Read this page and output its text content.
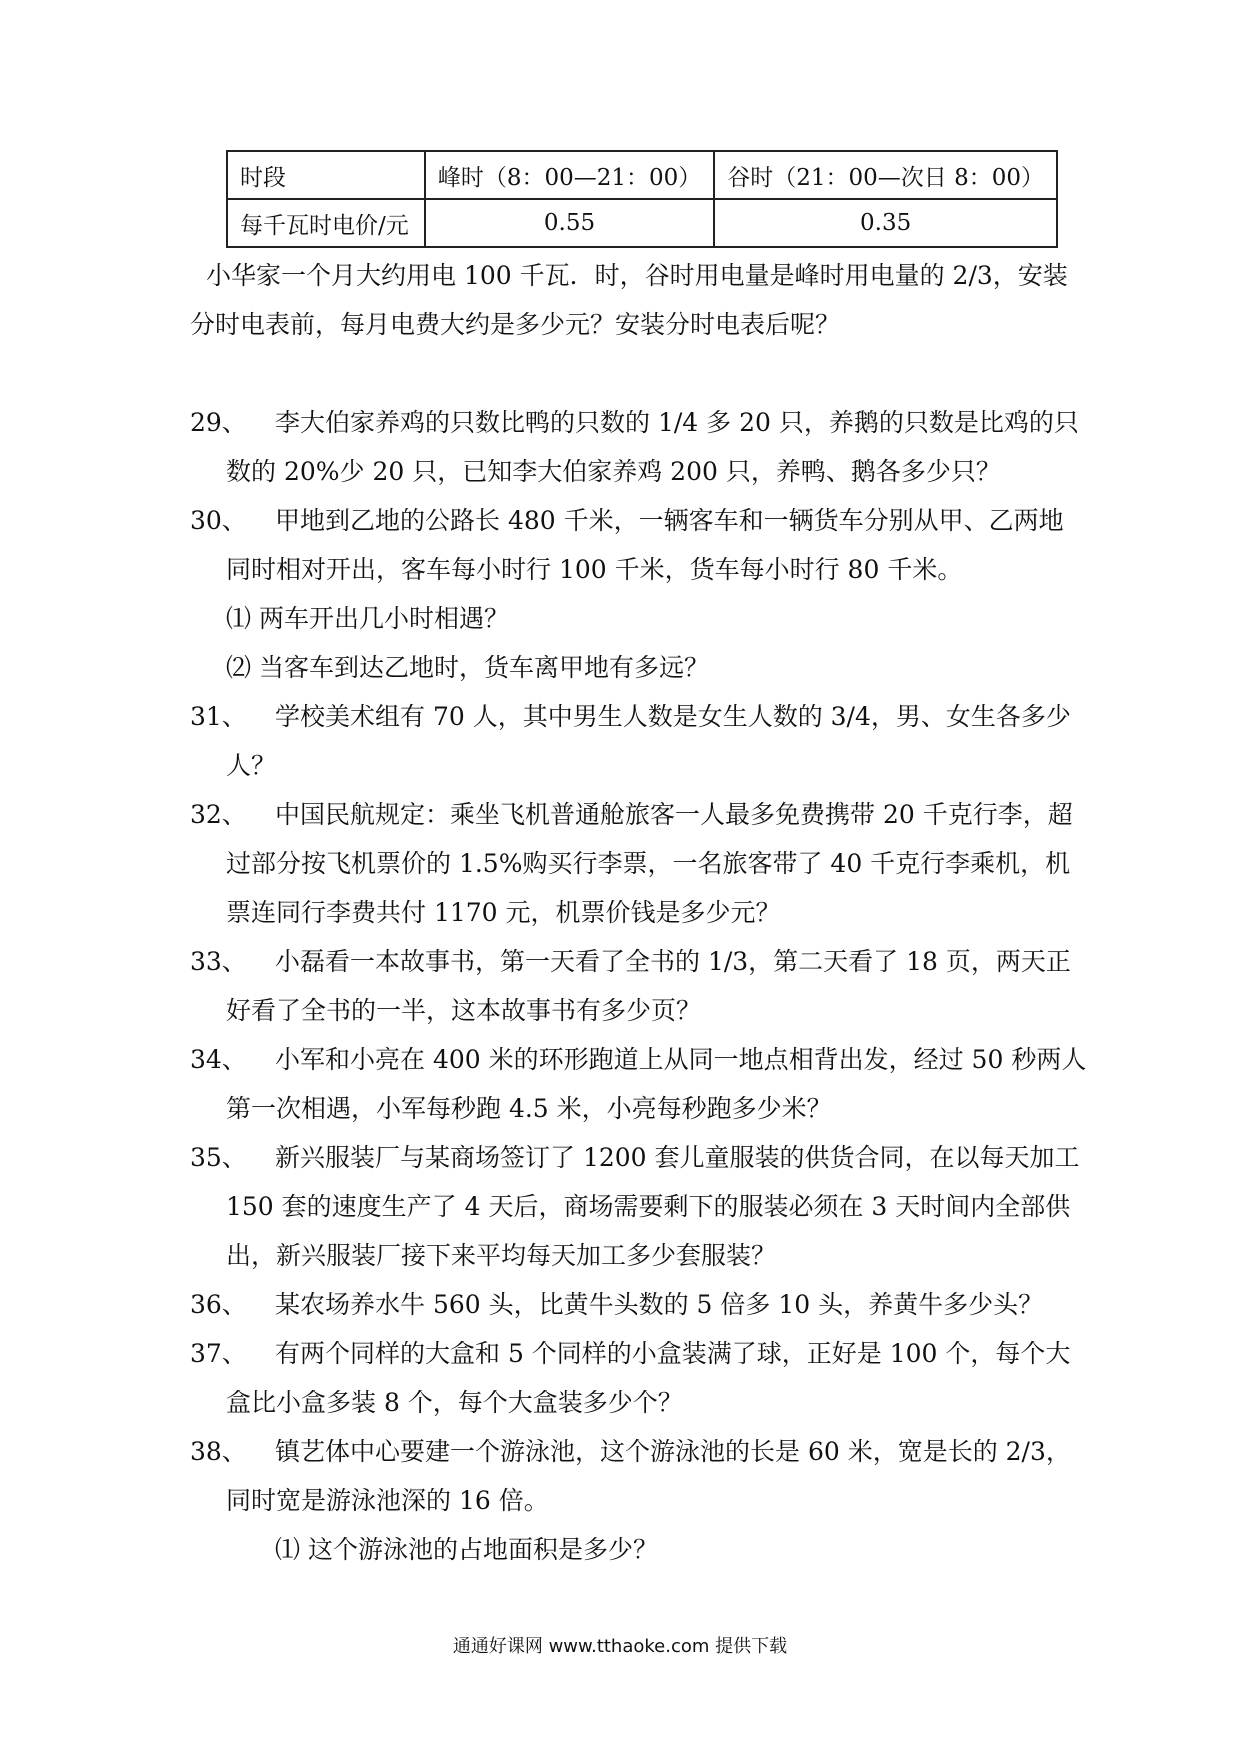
时段	峰时（8：00—21：00）	谷时（21：00—次日 8：00）
每千瓦时电价/元	0.55	0.35
小华家一个月大约用电 100 千瓦．时，谷时用电量是峰时用电量的 2/3，安装
分时电表前，每月电费大约是多少元？安装分时电表后呢？
29、 李大伯家养鸡的只数比鸭的只数的 1/4 多 20 只，养鹅的只数是比鸡的只
数的 20%少 20 只，已知李大伯家养鸡 200 只，养鸭、鹅各多少只？
30、 甲地到乙地的公路长 480 千米，一辆客车和一辆货车分别从甲、乙两地
同时相对开出，客车每小时行 100 千米，货车每小时行 80 千米。
⑴ 两车开出几小时相遇？
⑵ 当客车到达乙地时，货车离甲地有多远？
31、 学校美术组有 70 人，其中男生人数是女生人数的 3/4，男、女生各多少
人？
32、 中国民航规定：乘坐飞机普通舱旅客一人最多免费携带 20 千克行李，超
过部分按飞机票价的 1.5%购买行李票，一名旅客带了 40 千克行李乘机，机
票连同行李费共付 1170 元，机票价钱是多少元？
33、 小磊看一本故事书，第一天看了全书的 1/3，第二天看了 18 页，两天正
好看了全书的一半，这本故事书有多少页？
34、 小军和小亮在 400 米的环形跑道上从同一地点相背出发，经过 50 秒两人
第一次相遇，小军每秒跑 4.5 米，小亮每秒跑多少米？
35、 新兴服装厂与某商场签订了 1200 套儿童服装的供货合同，在以每天加工
150 套的速度生产了 4 天后，商场需要剩下的服装必须在 3 天时间内全部供
出，新兴服装厂接下来平均每天加工多少套服装？
36、 某农场养水牛 560 头，比黄牛头数的 5 倍多 10 头，养黄牛多少头？
37、 有两个同样的大盒和 5 个同样的小盒装满了球，正好是 100 个，每个大
盒比小盒多装 8 个，每个大盒装多少个？
38、 镇艺体中心要建一个游泳池，这个游泳池的长是 60 米，宽是长的 2/3，
同时宽是游泳池深的 16 倍。
⑴ 这个游泳池的占地面积是多少？
通通好课网 www.tthaoke.com 提供下载
